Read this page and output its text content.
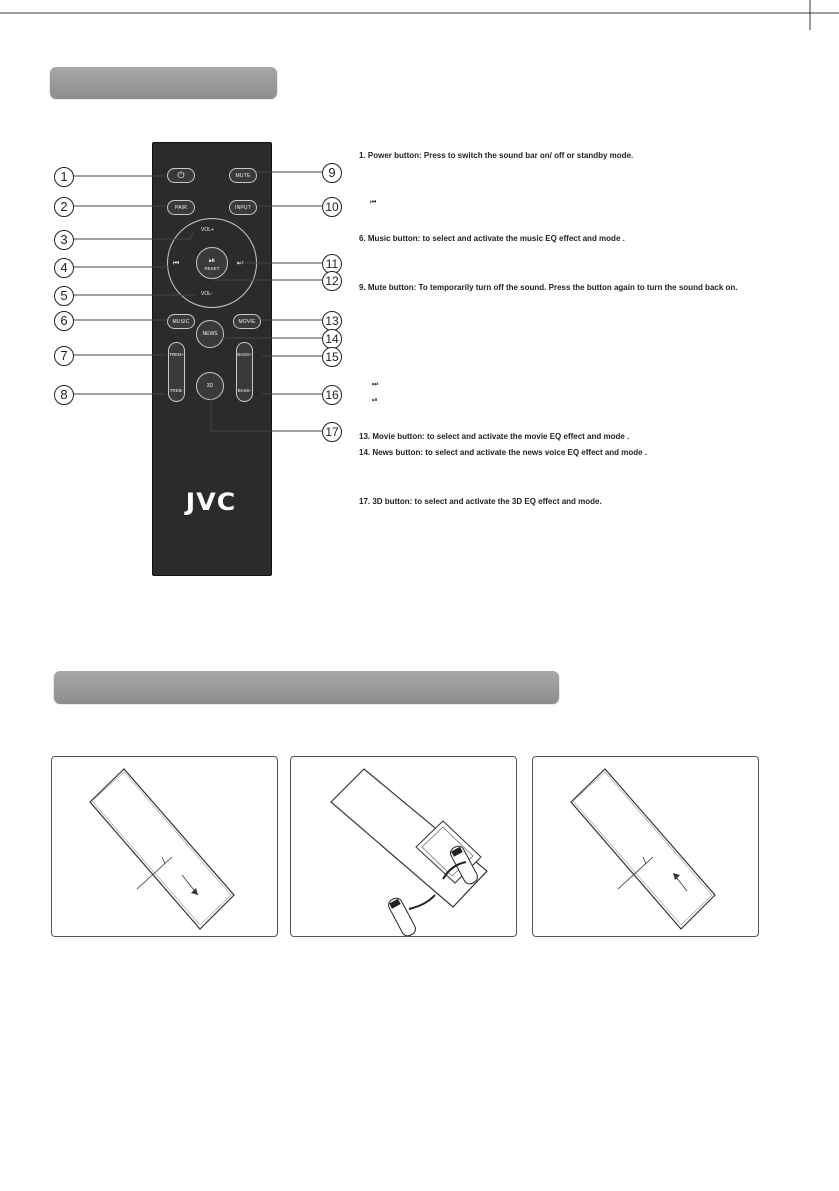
⏻	MUTE
PAIR	INPUT
VOL+
VOL-
⏮	⏭
⏯
RESET
MUSIC	MOVIE
NEWS
TREB+
TREB-
BASS+
BASS-
3D
JVC
1
2
3
4
5
6
7
8
9
10
11
12
13
14
15
16
17
1. Power button: Press to switch the sound bar on/ off or standby mode.
⏮
6. Music button: to select and activate the music EQ effect and mode .
9. Mute button: To temporarily turn off the sound. Press the button again to turn the sound back on.
⏭
⏯
13. Movie button: to select and activate the movie EQ effect and mode .
14. News button: to select and activate the news voice EQ effect and mode .
17. 3D button: to select and activate the 3D EQ effect and mode.
